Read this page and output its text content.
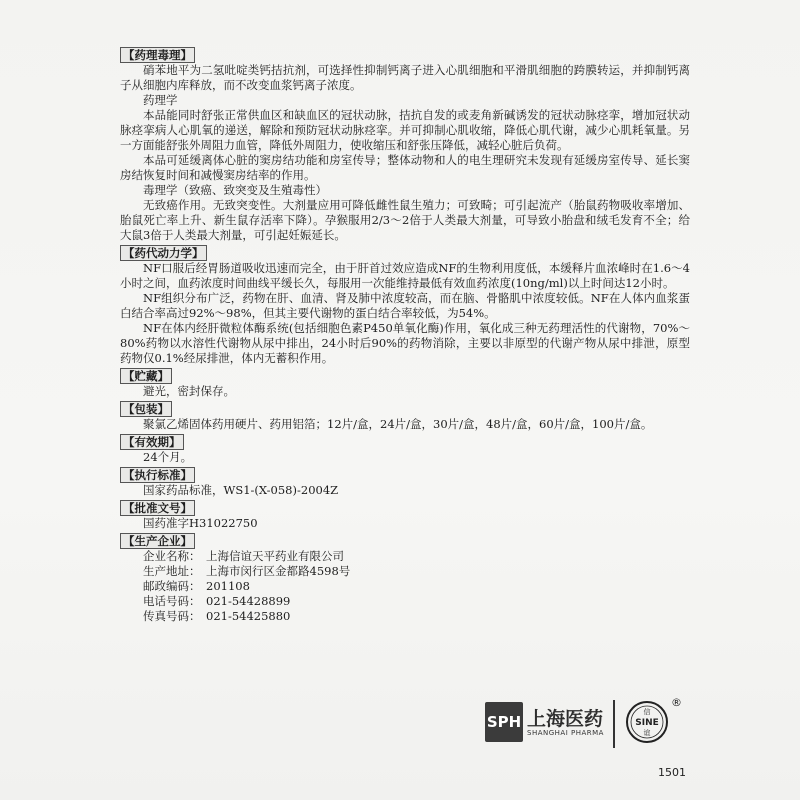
【药理毒理】

硝苯地平为二氢吡啶类钙拮抗剂，可选择性抑制钙离子进入心肌细胞和平滑肌细胞的跨膜转运，并抑制钙离子从细胞内库释放，而不改变血浆钙离子浓度。

药理学

本品能同时舒张正常供血区和缺血区的冠状动脉，拮抗自发的或麦角新碱诱发的冠状动脉痉挛，增加冠状动脉痉挛病人心肌氧的递送，解除和预防冠状动脉痉挛。并可抑制心肌收缩，降低心肌代谢，减少心肌耗氧量。另一方面能舒张外周阻力血管，降低外周阻力，使收缩压和舒张压降低，减轻心脏后负荷。

本品可延缓离体心脏的窦房结功能和房室传导；整体动物和人的电生理研究未发现有延缓房室传导、延长窦房结恢复时间和减慢窦房结率的作用。

毒理学（致癌、致突变及生殖毒性）

无致癌作用。无致突变性。大剂量应用可降低雌性鼠生殖力；可致畸；可引起流产（胎鼠药物吸收率增加、胎鼠死亡率上升、新生鼠存活率下降）。孕猴服用2/3～2倍于人类最大剂量，可导致小胎盘和绒毛发育不全；给大鼠3倍于人类最大剂量，可引起妊娠延长。

【药代动力学】

NF口服后经胃肠道吸收迅速而完全，由于肝首过效应造成NF的生物利用度低，本缓释片血浓峰时在1.6～4小时之间，血药浓度时间曲线平缓长久，每服用一次能维持最低有效血药浓度(10ng/ml)以上时间达12小时。

NF组织分布广泛，药物在肝、血清、肾及肺中浓度较高，而在脑、骨骼肌中浓度较低。NF在人体内血浆蛋白结合率高过92%～98%，但其主要代谢物的蛋白结合率较低，为54%。

NF在体内经肝微粒体酶系统(包括细胞色素P450单氧化酶)作用，氧化成三种无药理活性的代谢物，70%～80%药物以水溶性代谢物从尿中排出，24小时后90%的药物消除，主要以非原型的代谢产物从尿中排泄，原型药物仅0.1%经尿排泄，体内无蓄积作用。

【贮藏】

避光，密封保存。

【包装】

聚氯乙烯固体药用硬片、药用铝箔；12片/盒，24片/盒，30片/盒，48片/盒，60片/盒，100片/盒。

【有效期】

24个月。

【执行标准】

国家药品标准，WS1-(X-058)-2004Z

【批准文号】

国药准字H31022750

【生产企业】

企业名称： 上海信谊天平药业有限公司

生产地址： 上海市闵行区金都路4598号

邮政编码： 201108

电话号码： 021-54428899

传真号码： 021-54425880

SPH 上海医药
SHANGHAI PHARMA
信
SINE
谊
®
1501
